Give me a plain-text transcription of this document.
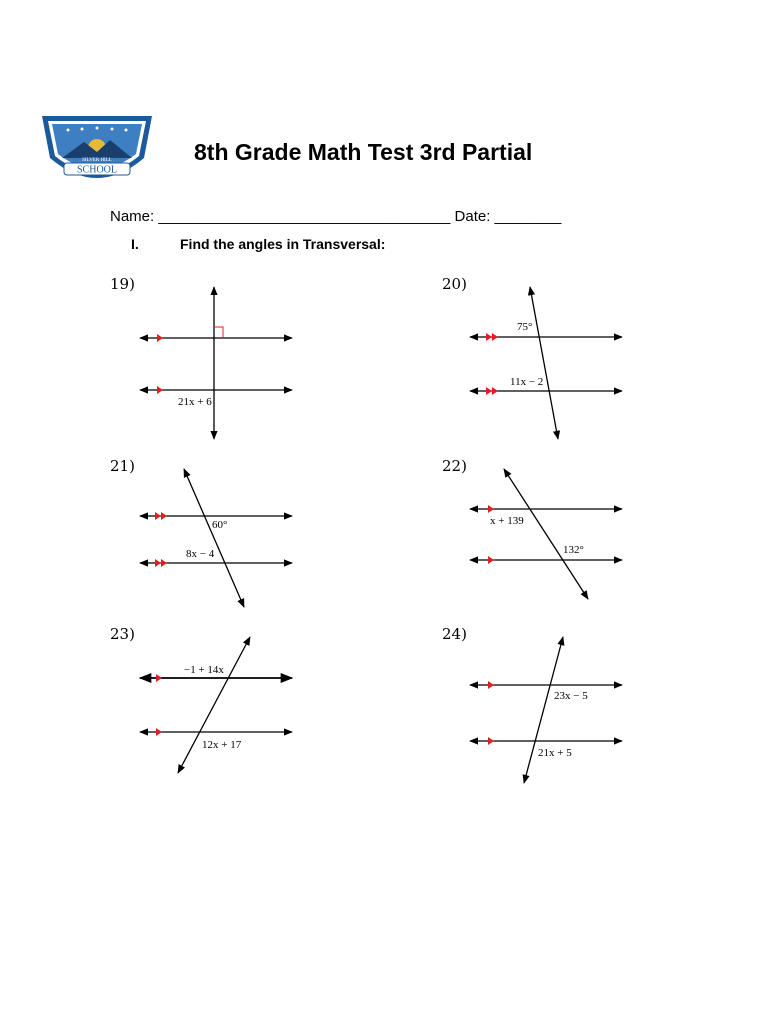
SILVER HILL
SCHOOL
8th Grade Math Test 3rd Partial
Name: ___________________________________ Date: ________
I.	Find the angles in Transversal:
19)
21x + 6
20)
75°
11x − 2
21)
60°
8x − 4
22)
x + 139
132°
23)
−1 + 14x
12x + 17
24)
23x − 5
21x + 5
